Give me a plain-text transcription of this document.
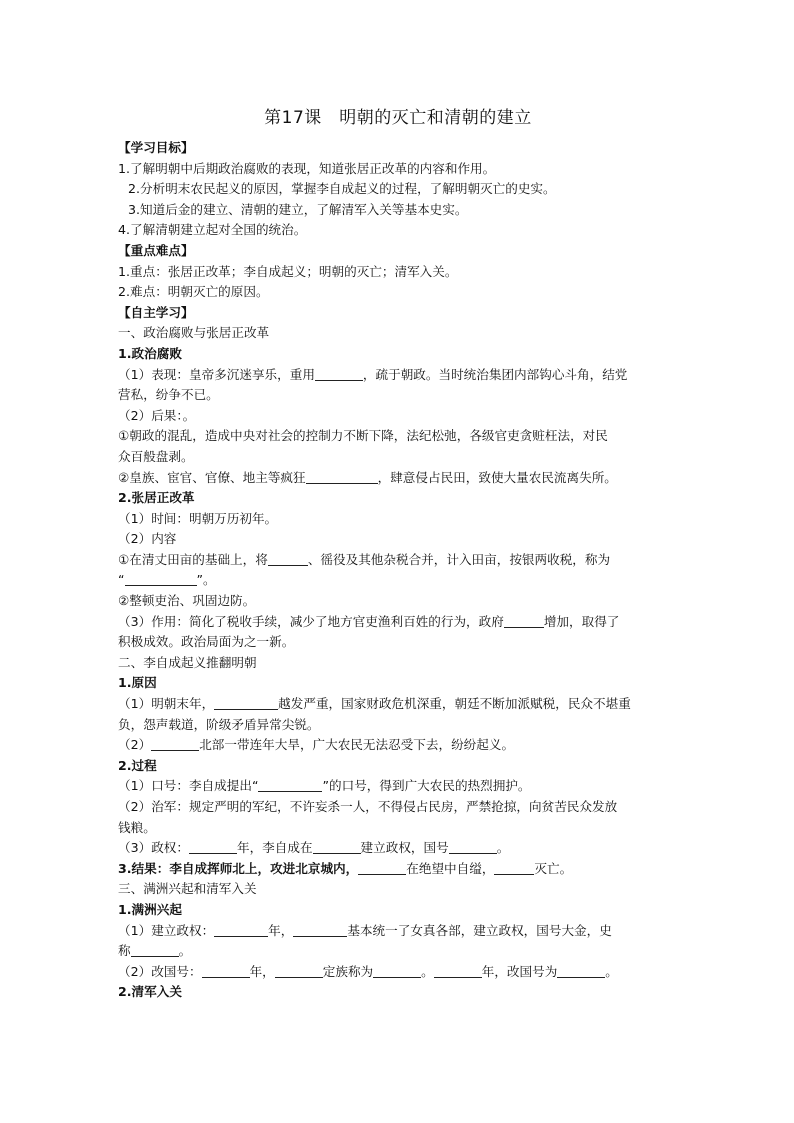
第17课　明朝的灭亡和清朝的建立
【学习目标】
1.了解明朝中后期政治腐败的表现，知道张居正改革的内容和作用。
2.分析明末农民起义的原因，掌握李自成起义的过程，了解明朝灭亡的史实。
3.知道后金的建立、清朝的建立，了解清军入关等基本史实。
4.了解清朝建立起对全国的统治。
【重点难点】
1.重点：张居正改革；李自成起义；明朝的灭亡；清军入关。
2.难点：明朝灭亡的原因。
【自主学习】
一、政治腐败与张居正改革
1.政治腐败
（1）表现：皇帝多沉迷享乐，重用	，疏于朝政。当时统治集团内部钩心斗角，结党
营私，纷争不已。
（2）后果：。
①朝政的混乱，造成中央对社会的控制力不断下降，法纪松弛，各级官吏贪赃枉法，对民
众百般盘剥。
②皇族、宦官、官僚、地主等疯狂	，肆意侵占民田，致使大量农民流离失所。
2.张居正改革
（1）时间：明朝万历初年。
（2）内容
①在清丈田亩的基础上，将	、徭役及其他杂税合并，计入田亩，按银两收税，称为
“	”。
②整顿吏治、巩固边防。
（3）作用：简化了税收手续，减少了地方官吏渔利百姓的行为，政府	增加，取得了
积极成效。政治局面为之一新。
二、李自成起义推翻明朝
1.原因
（1）明朝末年，	越发严重，国家财政危机深重，朝廷不断加派赋税，民众不堪重
负，怨声载道，阶级矛盾异常尖锐。
（2）	北部一带连年大旱，广大农民无法忍受下去，纷纷起义。
2.过程
（1）口号：李自成提出“	”的口号，得到广大农民的热烈拥护。
（2）治军：规定严明的军纪，不许妄杀一人，不得侵占民房，严禁抢掠，向贫苦民众发放
钱粮。
（3）政权：	年，李自成在	建立政权，国号	。
3.结果：李自成挥师北上，攻进北京城内，	在绝望中自缢，	灭亡。
三、满洲兴起和清军入关
1.满洲兴起
（1）建立政权：	年，	基本统一了女真各部，建立政权，国号大金，史
称	。
（2）改国号：	年，	定族称为	。	年，改国号为	。
2.清军入关
